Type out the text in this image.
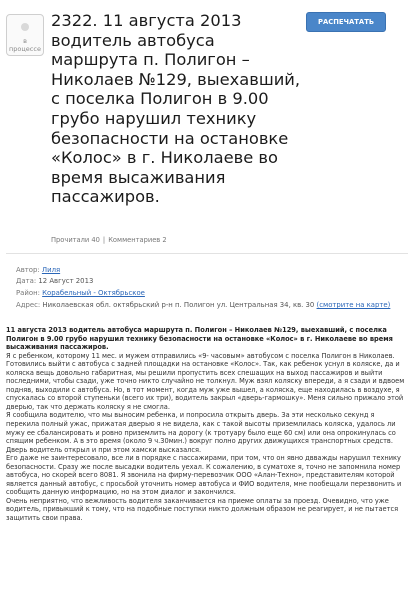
в процессе
2322. 11 августа 2013 водитель автобуса маршрута п. Полигон – Николаев №129, выехавший, с поселка Полигон в 9.00 грубо нарушил технику безопасности на остановке «Колос» в г. Николаеве во время высаживания пассажиров.
РАСПЕЧАТАТЬ
Прочитали 40 | Комментариев 2
Автор: Лиля
Дата: 12 Август 2013
Район: Корабельный - Октябрьское
Адрес: Николаевская обл. октябрьский р-н п. Полигон ул. Центральная 34, кв. 30 (смотрите на карте)

11 августа 2013 водитель автобуса маршрута п. Полигон – Николаев №129, выехавший, с поселка Полигон в 9.00 грубо нарушил технику безопасности на остановке «Колос» в г. Николаеве во время высаживания пассажиров.

Я с ребенком, которому 11 мес. и мужем отправились «9- часовым» автобусом с поселка Полигон в Николаев. Готовились выйти с автобуса с задней площадки на остановке «Колос». Так, как ребенок уснул в коляске, да и коляска вещь довольно габаритная, мы решили пропустить всех спешащих на выход пассажиров и выйти последними, чтобы сзади, уже точно никто случайно не толкнул. Муж взял коляску впереди, а я сзади и вдвоем подняв, выходили с автобуса. Но, в тот момент, когда муж уже вышел, а коляска, еще находилась в воздухе, я спускалась со второй ступеньки (всего их три), водитель закрыл «дверь-гармошку». Меня сильно прижало этой дверью, так что держать коляску я не смогла.

Я сообщила водителю, что мы выносим ребенка, и попросила открыть дверь. За эти несколько секунд я перекила полный ужас, прижатая дверью я не видела, как с такой высоты приземлилась коляска, удалось ли мужу ее сбалансировать и ровно приземлить на дорогу (к тротуару было еще 60 см) или она опрокинулась со спящим ребенком. А в это время (около 9 ч.30мин.) вокруг полно других движущихся транспортных средств. Дверь водитель открыл и при этом хамски высказался.

Его даже не заинтересовало, все ли в порядке с пассажирами, при том, что он явно двважды нарушил технику безопасности. Сразу же после высадки водитель уехал. К сожалению, в суматохе я, точно не запомнила номер автобуса, но скорей всего 8081. Я звонила на фирму-перевозчик ООО «Алан-Техно», представителям которой является данный автобус, с просьбой уточнить номер автобуса и ФИО водителя, мне пообещали перезвонить и сообщить данную информацию, но на этом диалог и закончился.

Очень неприятно, что вежливость водителя заканчивается на приеме оплаты за проезд. Очевидно, что уже водитель, привыкший к тому, что на подобные поступки никто должным образом не реагирует, и не пытается защитить свои права.
